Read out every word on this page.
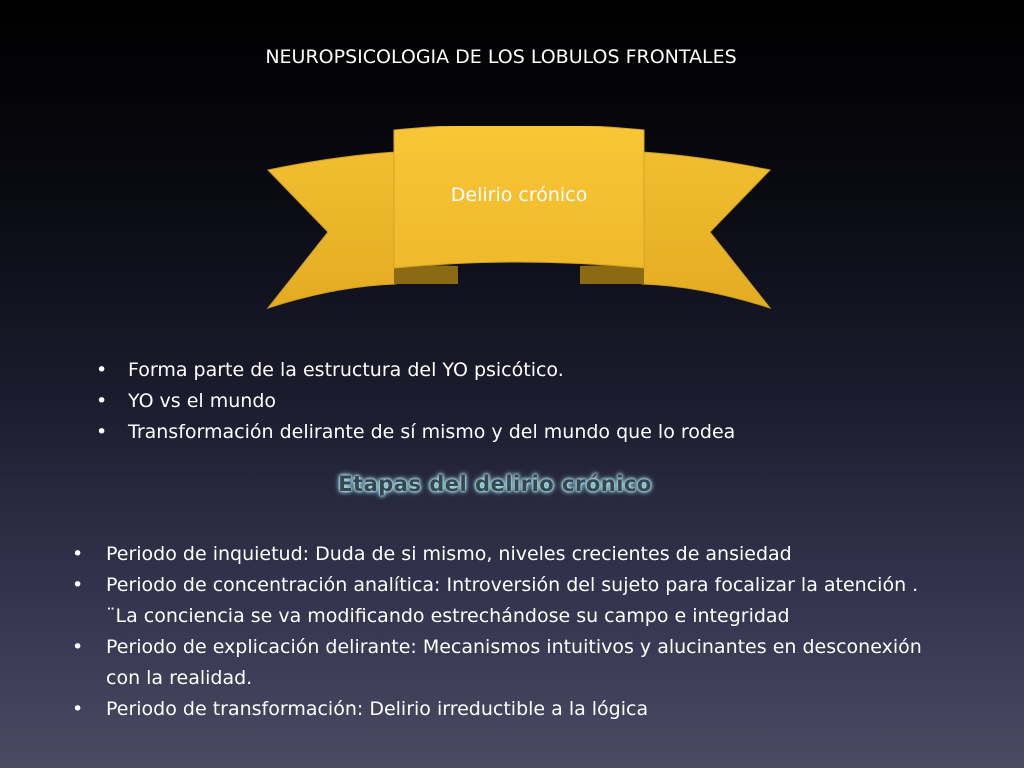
NEUROPSICOLOGIA DE LOS LOBULOS FRONTALES
Delirio crónico
• Forma parte de la estructura del YO psicótico.
• YO vs el mundo
• Transformación delirante de sí mismo y del mundo que lo rodea
Etapas del delirio crónico
• Periodo de inquietud: Duda de si mismo, niveles crecientes de ansiedad
• Periodo de concentración analítica: Introversión del sujeto para focalizar la atención . ¨La conciencia se va modificando estrechándose su campo e integridad
• Periodo de explicación delirante: Mecanismos intuitivos y alucinantes en desconexión con la realidad.
• Periodo de transformación: Delirio irreductible a la lógica
